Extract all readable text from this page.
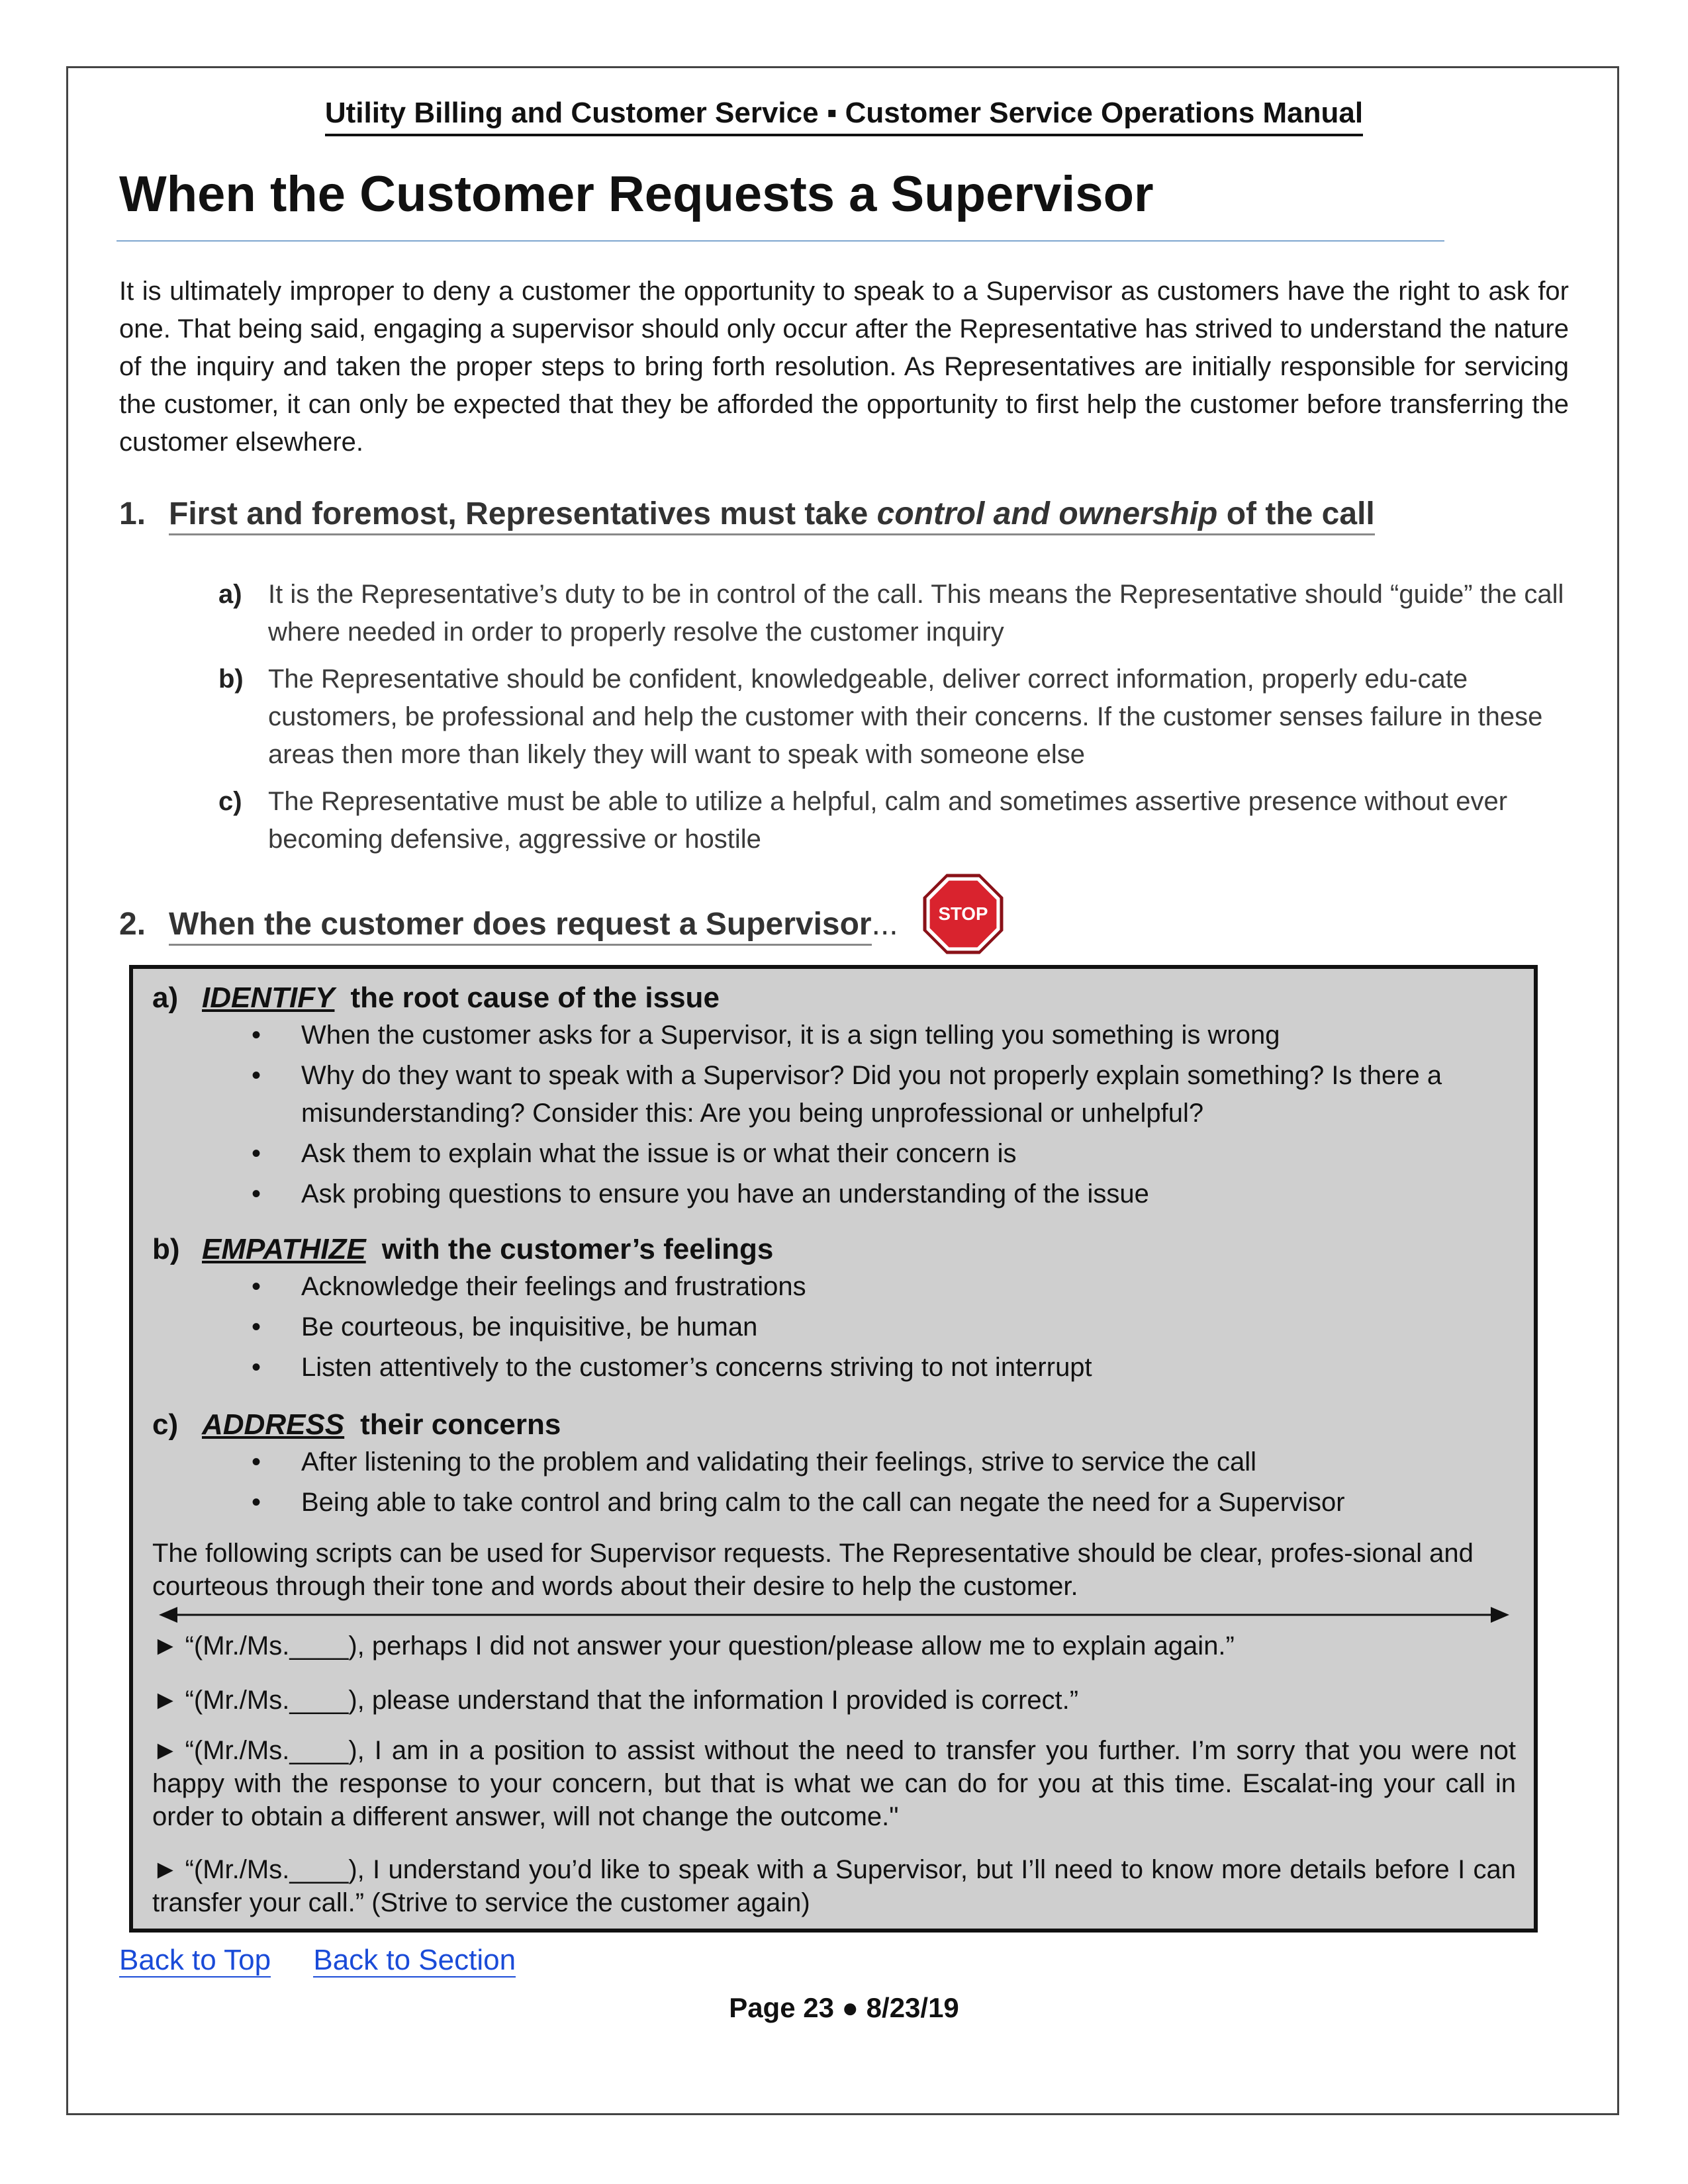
Utility Billing and Customer Service ▪ Customer Service Operations Manual
When the Customer Requests a Supervisor

It is ultimately improper to deny a customer the opportunity to speak to a Supervisor as customers have the right to ask for one. That being said, engaging a supervisor should only occur after the Representative has strived to understand the nature of the inquiry and taken the proper steps to bring forth resolution. As Representatives are initially responsible for servicing the customer, it can only be expected that they be afforded the opportunity to first help the customer before transferring the customer elsewhere.

1. First and foremost, Representatives must take control and ownership of the call
a) It is the Representative’s duty to be in control of the call. This means the Representative should “guide” the call where needed in order to properly resolve the customer inquiry
b) The Representative should be confident, knowledgeable, deliver correct information, properly edu-cate customers, be professional and help the customer with their concerns. If the customer senses failure in these areas then more than likely they will want to speak with someone else
c) The Representative must be able to utilize a helpful, calm and sometimes assertive presence without ever becoming defensive, aggressive or hostile
2. When the customer does request a Supervisor...	STOP
a) IDENTIFY the root cause of the issue
• When the customer asks for a Supervisor, it is a sign telling you something is wrong
• Why do they want to speak with a Supervisor? Did you not properly explain something? Is there a misunderstanding? Consider this: Are you being unprofessional or unhelpful?
• Ask them to explain what the issue is or what their concern is
• Ask probing questions to ensure you have an understanding of the issue
b) EMPATHIZE with the customer’s feelings
• Acknowledge their feelings and frustrations
• Be courteous, be inquisitive, be human
• Listen attentively to the customer’s concerns striving to not interrupt
c) ADDRESS their concerns
• After listening to the problem and validating their feelings, strive to service the call
• Being able to take control and bring calm to the call can negate the need for a Supervisor

The following scripts can be used for Supervisor requests. The Representative should be clear, profes-sional and courteous through their tone and words about their desire to help the customer.

► “(Mr./Ms.____), perhaps I did not answer your question/please allow me to explain again.”

► “(Mr./Ms.____), please understand that the information I provided is correct.”

► “(Mr./Ms.____), I am in a position to assist without the need to transfer you further. I’m sorry that you were not happy with the response to your concern, but that is what we can do for you at this time. Escalat-ing your call in order to obtain a different answer, will not change the outcome."

► “(Mr./Ms.____), I understand you’d like to speak with a Supervisor, but I’ll need to know more details before I can transfer your call.” (Strive to service the customer again)

Back to Top Back to Section
Page 23 ● 8/23/19
